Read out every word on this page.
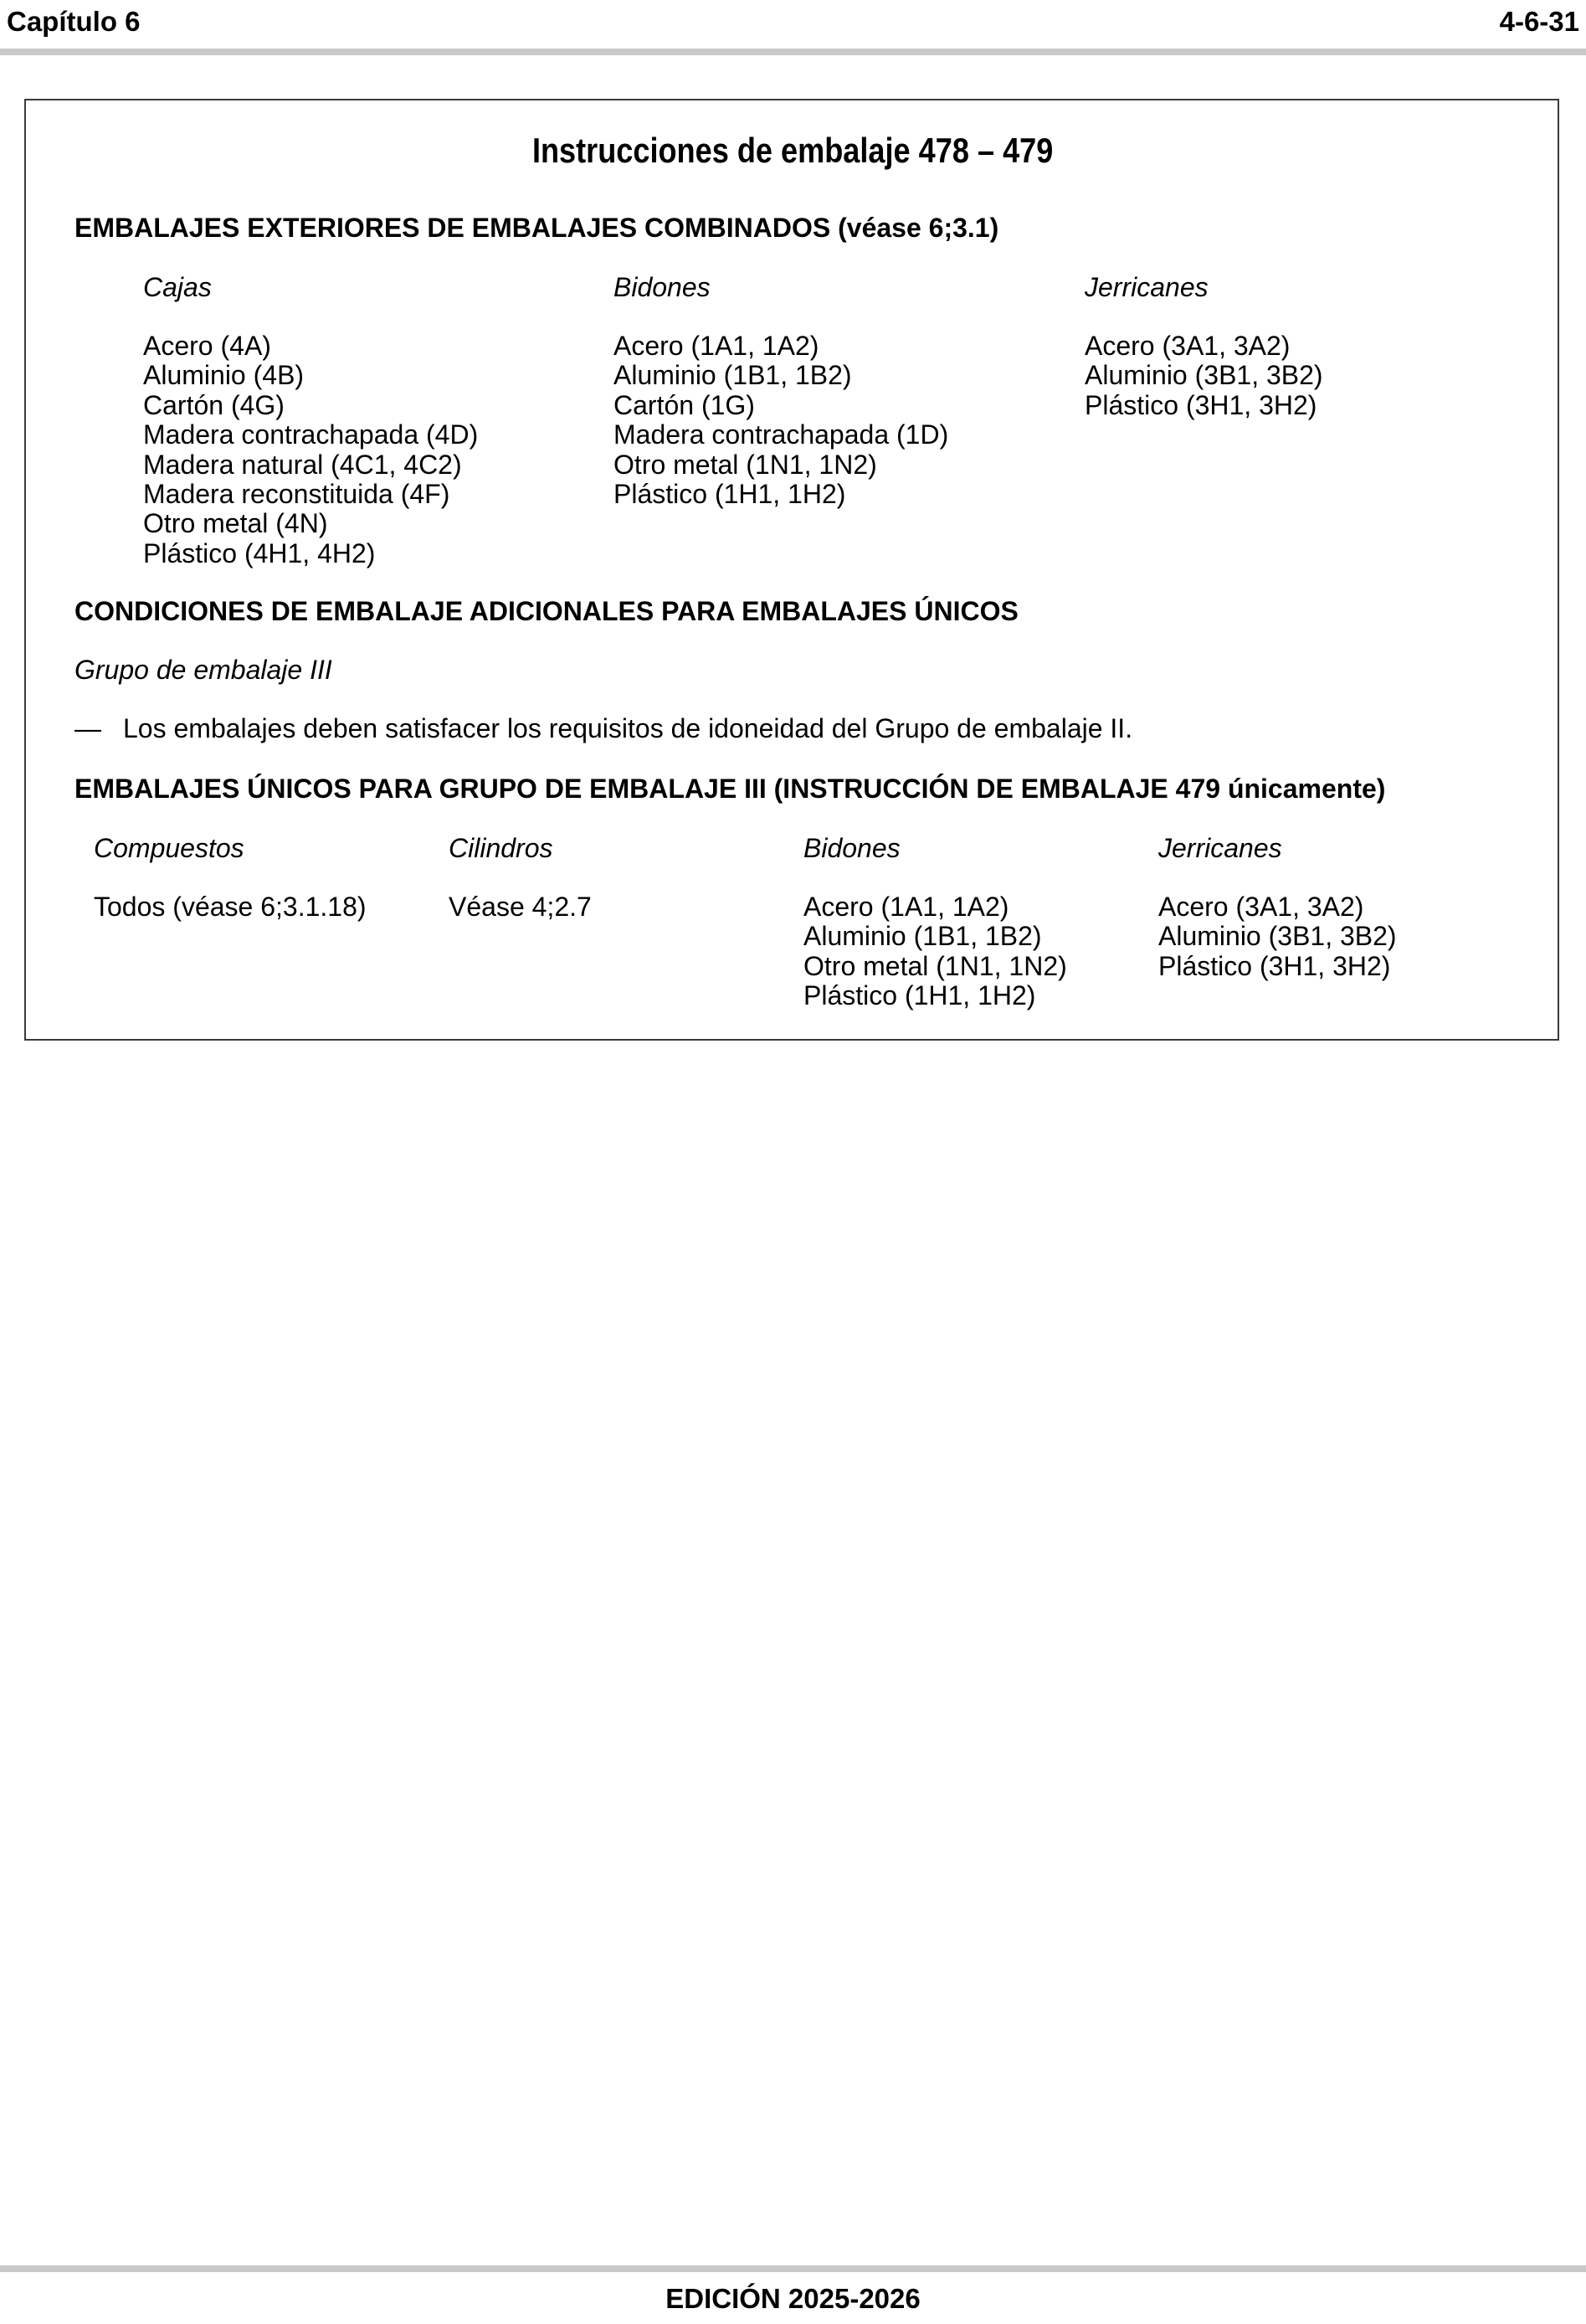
Capítulo 6	4-6-31
Instrucciones de embalaje 478 – 479
EMBALAJES EXTERIORES DE EMBALAJES COMBINADOS (véase 6;3.1)
Cajas
Acero (4A)
Aluminio (4B)
Cartón (4G)
Madera contrachapada (4D)
Madera natural (4C1, 4C2)
Madera reconstituida (4F)
Otro metal (4N)
Plástico (4H1, 4H2)
Bidones
Acero (1A1, 1A2)
Aluminio (1B1, 1B2)
Cartón (1G)
Madera contrachapada (1D)
Otro metal (1N1, 1N2)
Plástico (1H1, 1H2)
Jerricanes
Acero (3A1, 3A2)
Aluminio (3B1, 3B2)
Plástico (3H1, 3H2)
CONDICIONES DE EMBALAJE ADICIONALES PARA EMBALAJES ÚNICOS
Grupo de embalaje III
— Los embalajes deben satisfacer los requisitos de idoneidad del Grupo de embalaje II.
EMBALAJES ÚNICOS PARA GRUPO DE EMBALAJE III (INSTRUCCIÓN DE EMBALAJE 479 únicamente)
Compuestos
Todos (véase 6;3.1.18)
Cilindros
Véase 4;2.7
Bidones
Acero (1A1, 1A2)
Aluminio (1B1, 1B2)
Otro metal (1N1, 1N2)
Plástico (1H1, 1H2)
Jerricanes
Acero (3A1, 3A2)
Aluminio (3B1, 3B2)
Plástico (3H1, 3H2)
EDICIÓN 2025-2026
